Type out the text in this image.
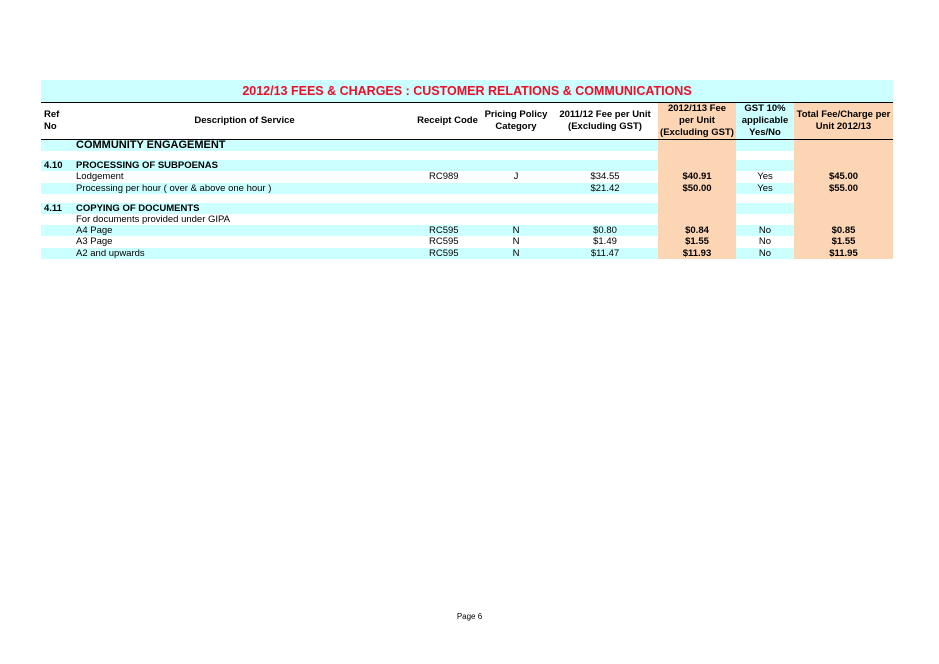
2012/13 FEES & CHARGES : CUSTOMER RELATIONS & COMMUNICATIONS
Ref No	Description of Service	Receipt Code	Pricing Policy Category	2011/12 Fee per Unit (Excluding GST)	2012/113 Fee per Unit (Excluding GST)	GST 10% applicable Yes/No	Total Fee/Charge per Unit 2012/13
	COMMUNITY ENGAGEMENT						

4.10	PROCESSING OF SUBPOENAS						
	Lodgement	RC989	J	$34.55	$40.91	Yes	$45.00
	Processing per hour ( over & above one hour )			$21.42	$50.00	Yes	$55.00

4.11	COPYING OF DOCUMENTS						
	For documents provided under GIPA						
	A4 Page	RC595	N	$0.80	$0.84	No	$0.85
	A3 Page	RC595	N	$1.49	$1.55	No	$1.55
	A2 and upwards	RC595	N	$11.47	$11.93	No	$11.95
Page 6
